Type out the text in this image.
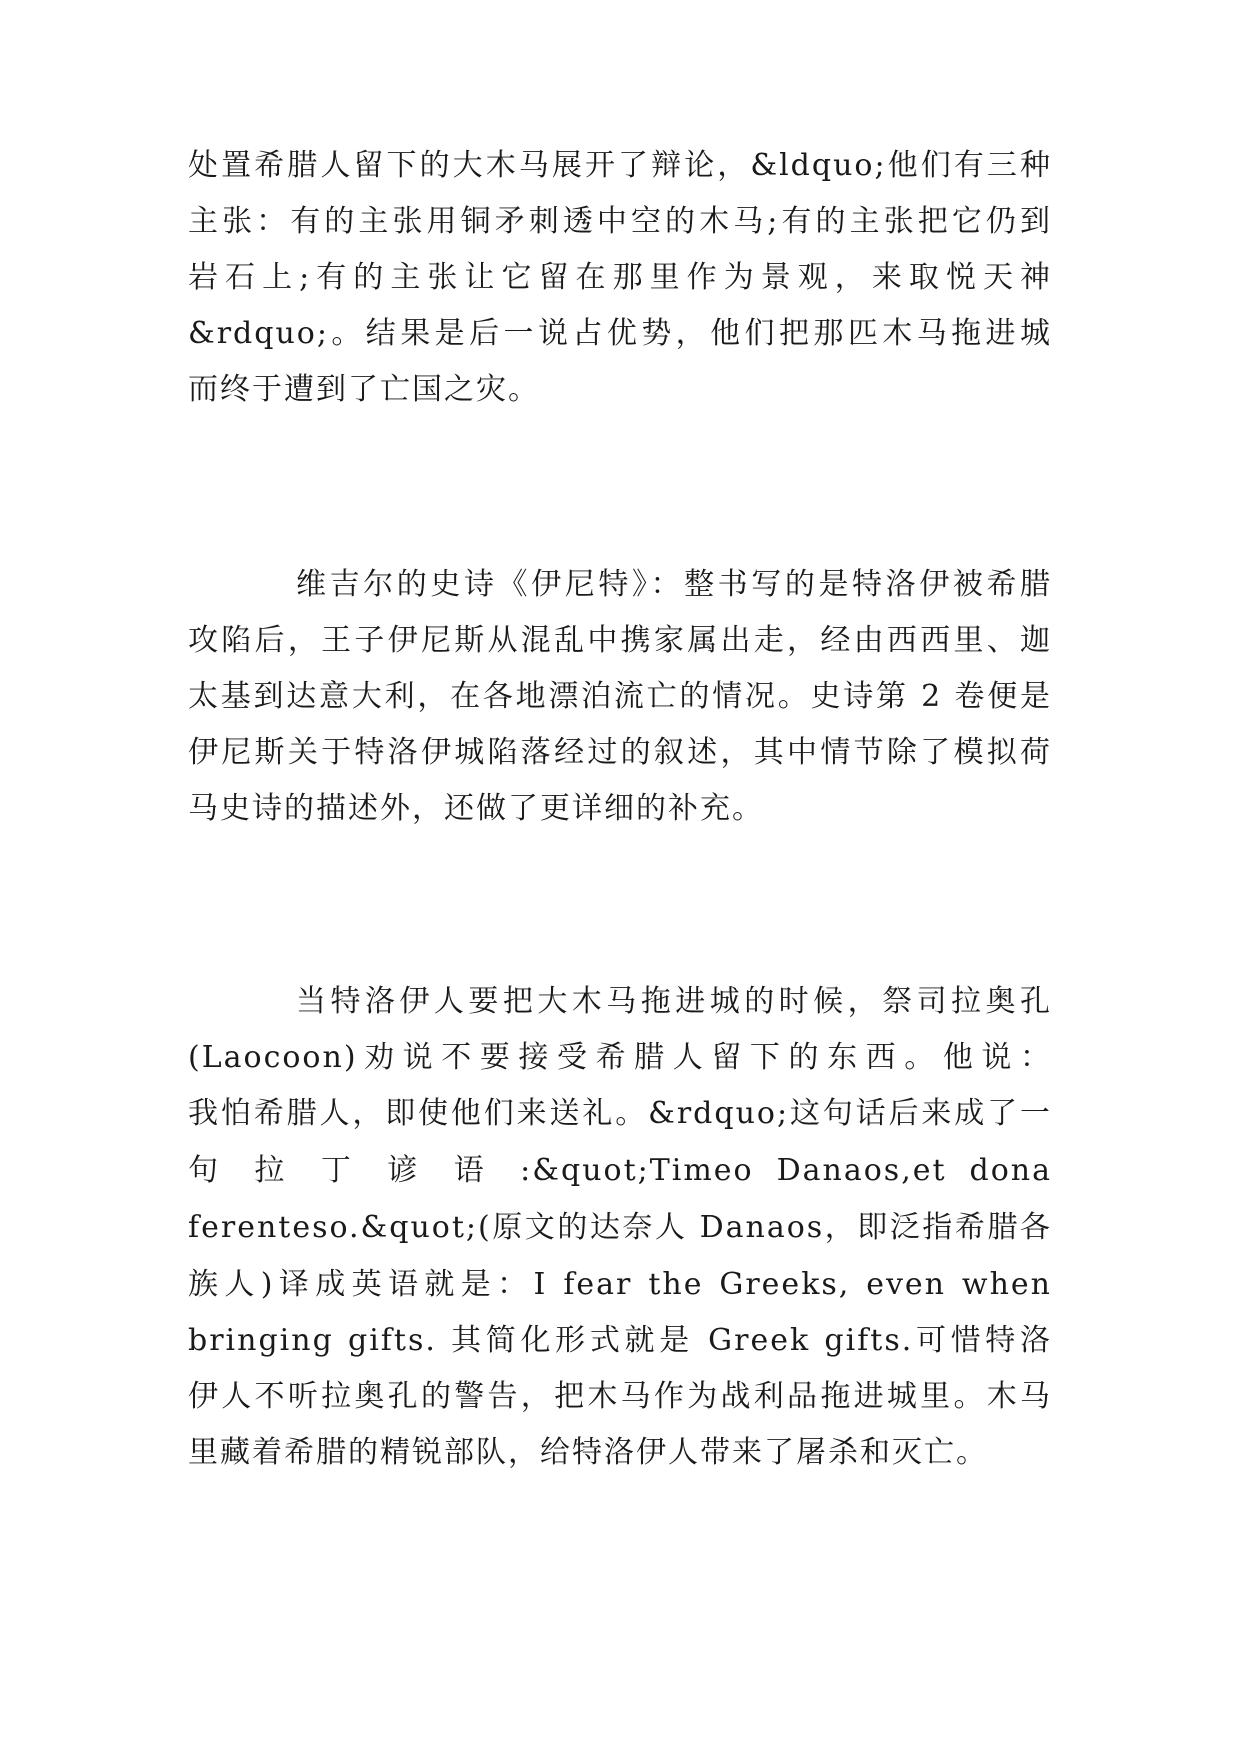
处置希腊人留下的大木马展开了辩论，&ldquo;他们有三种
主张：有的主张用铜矛刺透中空的木马;有的主张把它仍到
岩石上;有的主张让它留在那里作为景观，来取悦天神
&rdquo;。结果是后一说占优势，他们把那匹木马拖进城
而终于遭到了亡国之灾。
维吉尔的史诗《伊尼特》：整书写的是特洛伊被希腊
攻陷后，王子伊尼斯从混乱中携家属出走，经由西西里、迦
太基到达意大利，在各地漂泊流亡的情况。史诗第 2 卷便是
伊尼斯关于特洛伊城陷落经过的叙述，其中情节除了模拟荷
马史诗的描述外，还做了更详细的补充。
当特洛伊人要把大木马拖进城的时候，祭司拉奥孔
(Laocoon)劝说不要接受希腊人留下的东西。他说：
我怕希腊人，即使他们来送礼。&rdquo;这句话后来成了一
句 拉 丁 谚 语 :&quot;Timeo Danaos,et dona
ferenteso.&quot;(原文的达奈人 Danaos，即泛指希腊各
族人)译成英语就是：I fear the Greeks, even when
bringing gifts. 其简化形式就是 Greek gifts.可惜特洛
伊人不听拉奥孔的警告，把木马作为战利品拖进城里。木马
里藏着希腊的精锐部队，给特洛伊人带来了屠杀和灭亡。
